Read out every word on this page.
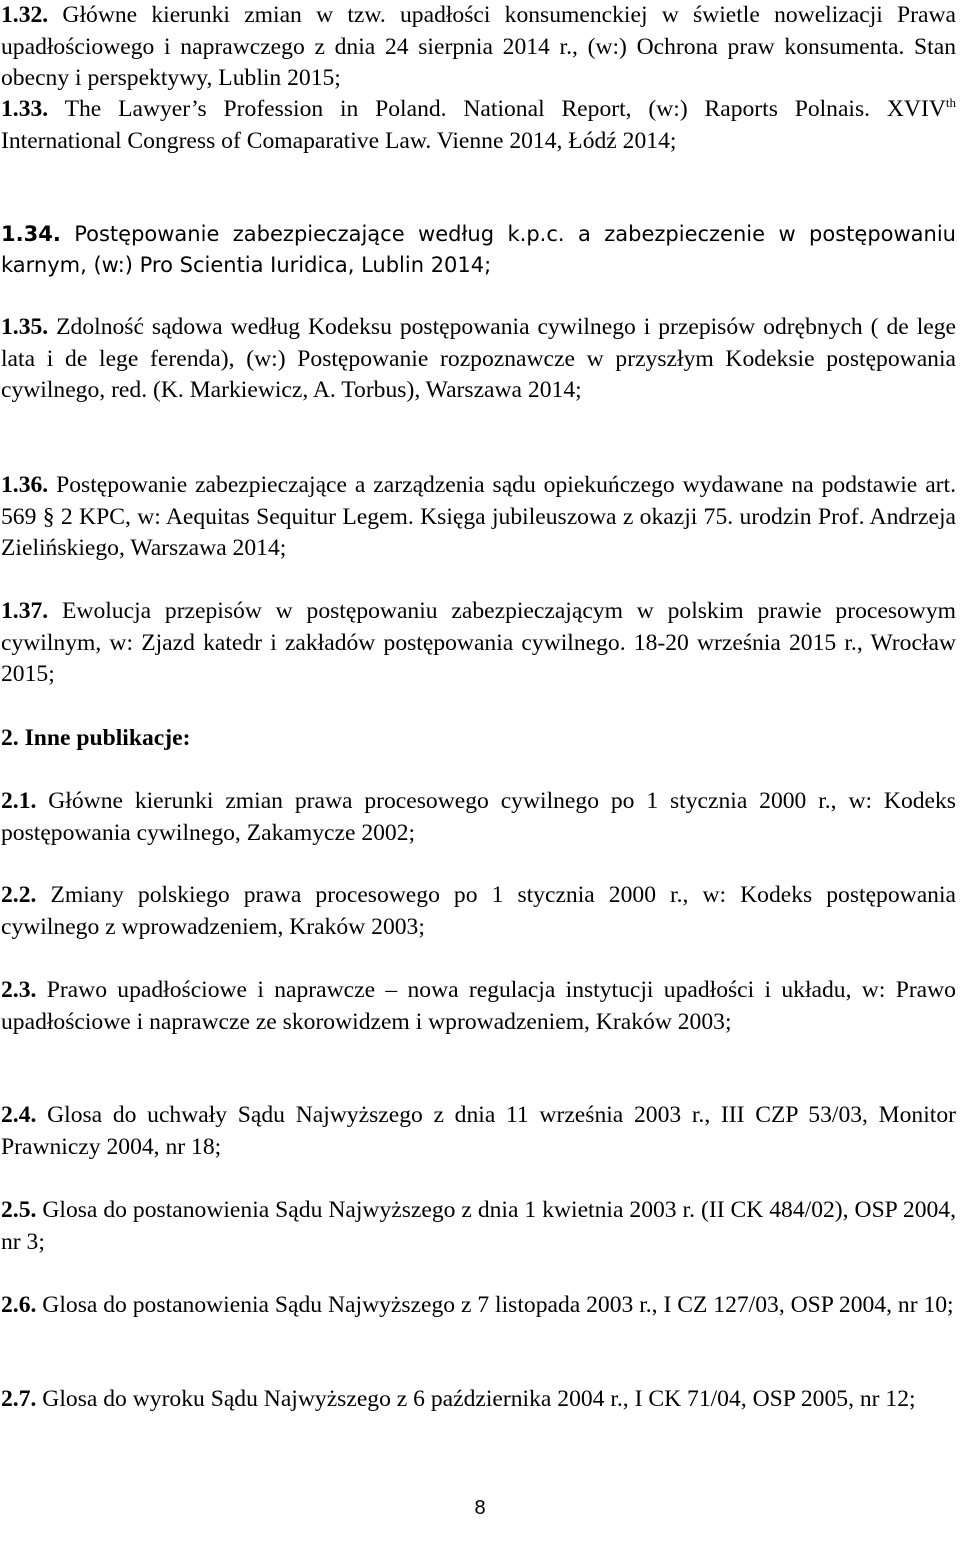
1.32. Główne kierunki zmian w tzw. upadłości konsumenckiej w świetle nowelizacji Prawa upadłościowego i naprawczego z dnia 24 sierpnia 2014 r., (w:) Ochrona praw konsumenta. Stan obecny i perspektywy, Lublin 2015;
1.33. The Lawyer’s Profession in Poland. National Report, (w:) Raports Polnais. XVIVth International Congress of Comaparative Law. Vienne 2014, Łódź 2014;
1.34. Postępowanie zabezpieczające według k.p.c. a zabezpieczenie w postępowaniu karnym, (w:) Pro Scientia Iuridica, Lublin 2014;
1.35. Zdolność sądowa według Kodeksu postępowania cywilnego i przepisów odrębnych ( de lege lata i de lege ferenda), (w:) Postępowanie rozpoznawcze w przyszłym Kodeksie postępowania cywilnego, red. (K. Markiewicz, A. Torbus), Warszawa 2014;
1.36. Postępowanie zabezpieczające a zarządzenia sądu opiekuńczego wydawane na podstawie art. 569 § 2 KPC, w: Aequitas Sequitur Legem. Księga jubileuszowa z okazji 75. urodzin Prof. Andrzeja Zielińskiego, Warszawa 2014;
1.37. Ewolucja przepisów w postępowaniu zabezpieczającym w polskim prawie procesowym cywilnym, w: Zjazd katedr i zakładów postępowania cywilnego. 18-20 września 2015 r., Wrocław 2015;
2. Inne publikacje:
2.1. Główne kierunki zmian prawa procesowego cywilnego po 1 stycznia 2000 r., w: Kodeks postępowania cywilnego, Zakamycze 2002;
2.2. Zmiany polskiego prawa procesowego po 1 stycznia 2000 r., w: Kodeks postępowania cywilnego z wprowadzeniem, Kraków 2003;
2.3. Prawo upadłościowe i naprawcze – nowa regulacja instytucji upadłości i układu, w: Prawo upadłościowe i naprawcze ze skorowidzem i wprowadzeniem, Kraków 2003;
2.4. Glosa do uchwały Sądu Najwyższego z dnia 11 września 2003 r., III CZP 53/03, Monitor Prawniczy 2004, nr 18;
2.5. Glosa do postanowienia Sądu Najwyższego z dnia 1 kwietnia 2003 r. (II CK 484/02), OSP 2004, nr 3;
2.6. Glosa do postanowienia Sądu Najwyższego z 7 listopada 2003 r., I CZ 127/03, OSP 2004, nr 10;
2.7. Glosa do wyroku Sądu Najwyższego z 6 października 2004 r., I CK 71/04, OSP 2005, nr 12;
8
